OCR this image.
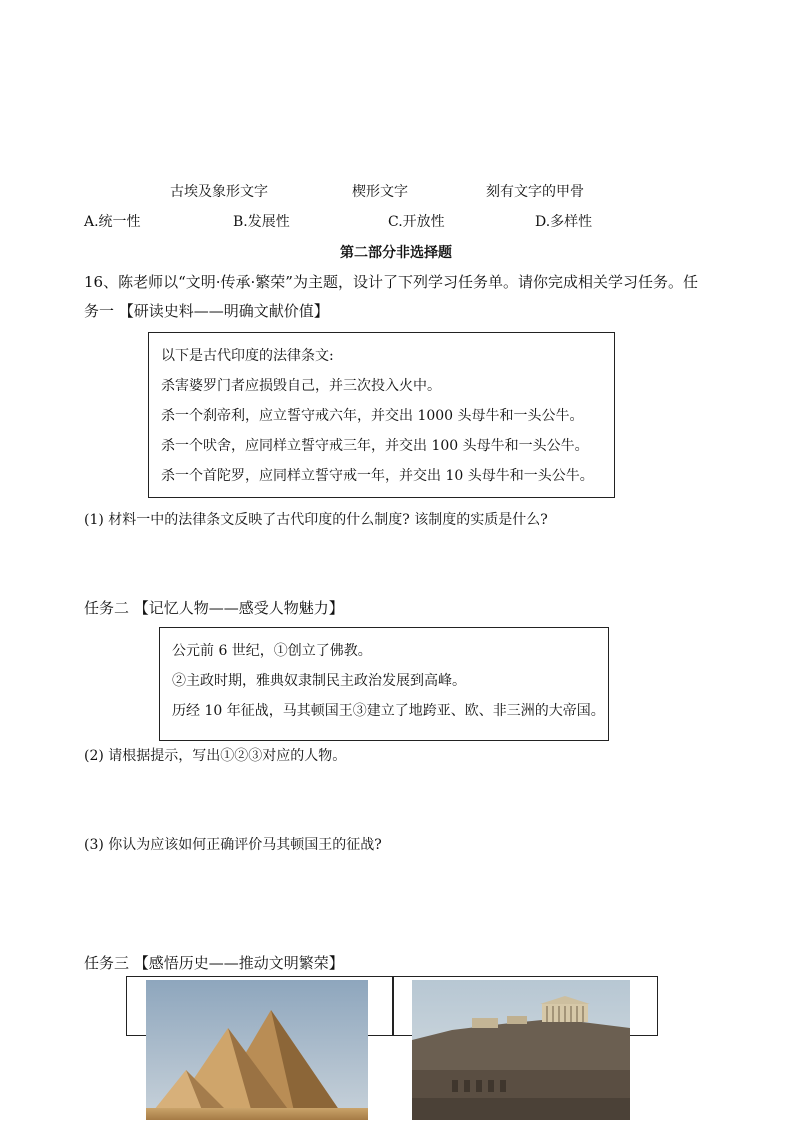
古埃及象形文字	楔形文字	刻有文字的甲骨
A.统一性	B.发展性	C.开放性	D.多样性
第二部分非选择题
16、陈老师以“文明·传承·繁荣”为主题，设计了下列学习任务单。请你完成相关学习任务。任
务一 【研读史料——明确文献价值】
以下是古代印度的法律条文:
杀害婆罗门者应损毁自己，并三次投入火中。
杀一个刹帝利，应立誓守戒六年，并交出 1000 头母牛和一头公牛。
杀一个吠舍，应同样立誓守戒三年，并交出 100 头母牛和一头公牛。
杀一个首陀罗，应同样立誓守戒一年，并交出 10 头母牛和一头公牛。
(1) 材料一中的法律条文反映了古代印度的什么制度? 该制度的实质是什么?
任务二 【记忆人物——感受人物魅力】
公元前 6 世纪，①创立了佛教。
②主政时期，雅典奴隶制民主政治发展到高峰。
历经 10 年征战，马其顿国王③建立了地跨亚、欧、非三洲的大帝国。
(2) 请根据提示，写出①②③对应的人物。
(3) 你认为应该如何正确评价马其顿国王的征战?
任务三 【感悟历史——推动文明繁荣】
